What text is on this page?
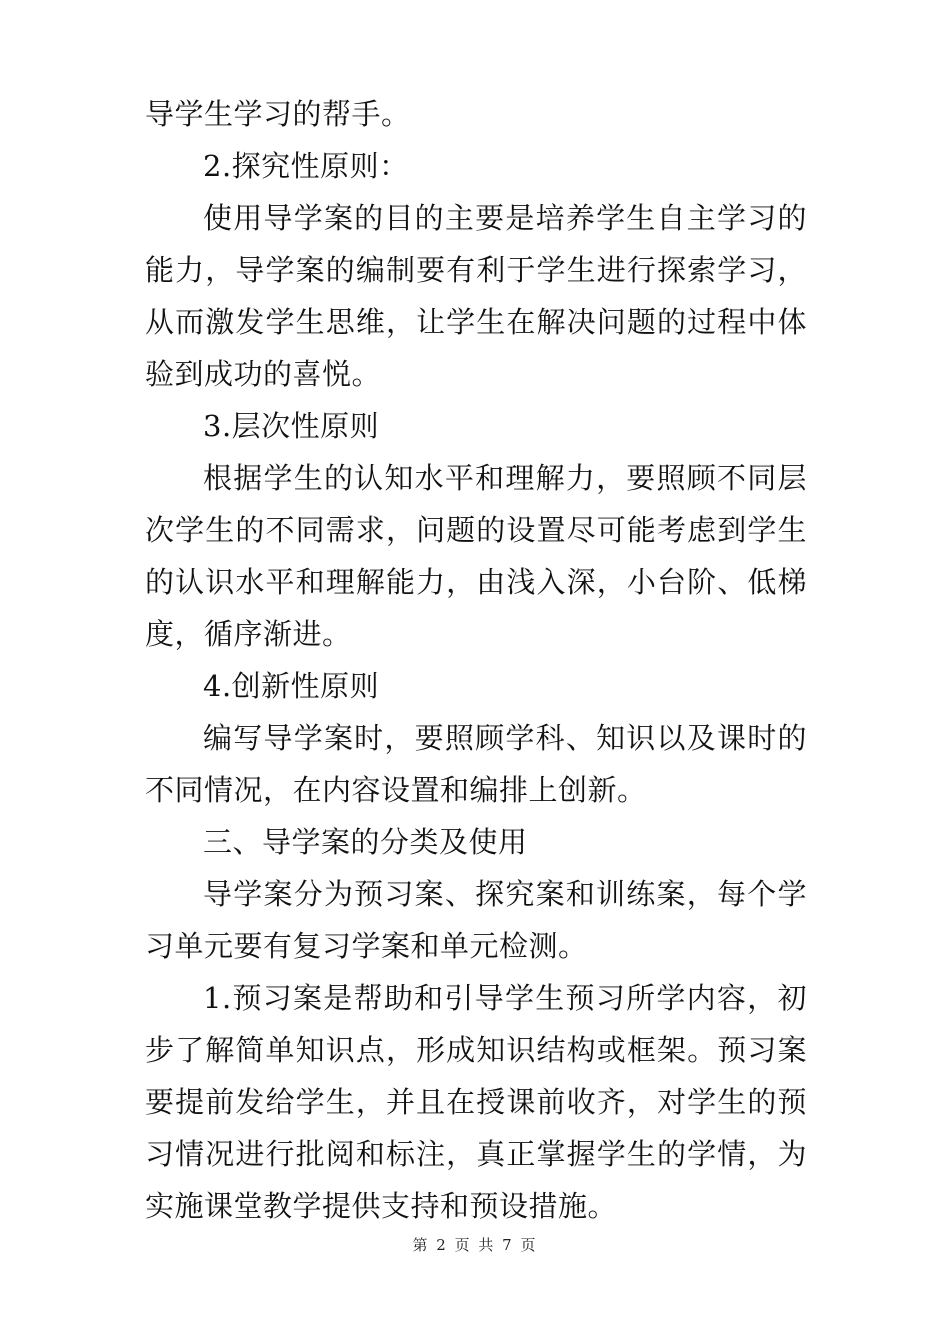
导学生学习的帮手。

2.探究性原则：

使用导学案的目的主要是培养学生自主学习的能力，导学案的编制要有利于学生进行探索学习，从而激发学生思维，让学生在解决问题的过程中体验到成功的喜悦。

3.层次性原则

根据学生的认知水平和理解力，要照顾不同层次学生的不同需求，问题的设置尽可能考虑到学生的认识水平和理解能力，由浅入深，小台阶、低梯度，循序渐进。

4.创新性原则

编写导学案时，要照顾学科、知识以及课时的不同情况，在内容设置和编排上创新。

三、导学案的分类及使用

导学案分为预习案、探究案和训练案，每个学习单元要有复习学案和单元检测。

1.预习案是帮助和引导学生预习所学内容，初步了解简单知识点，形成知识结构或框架。预习案要提前发给学生，并且在授课前收齐，对学生的预习情况进行批阅和标注，真正掌握学生的学情，为实施课堂教学提供支持和预设措施。

第 2 页 共 7 页
